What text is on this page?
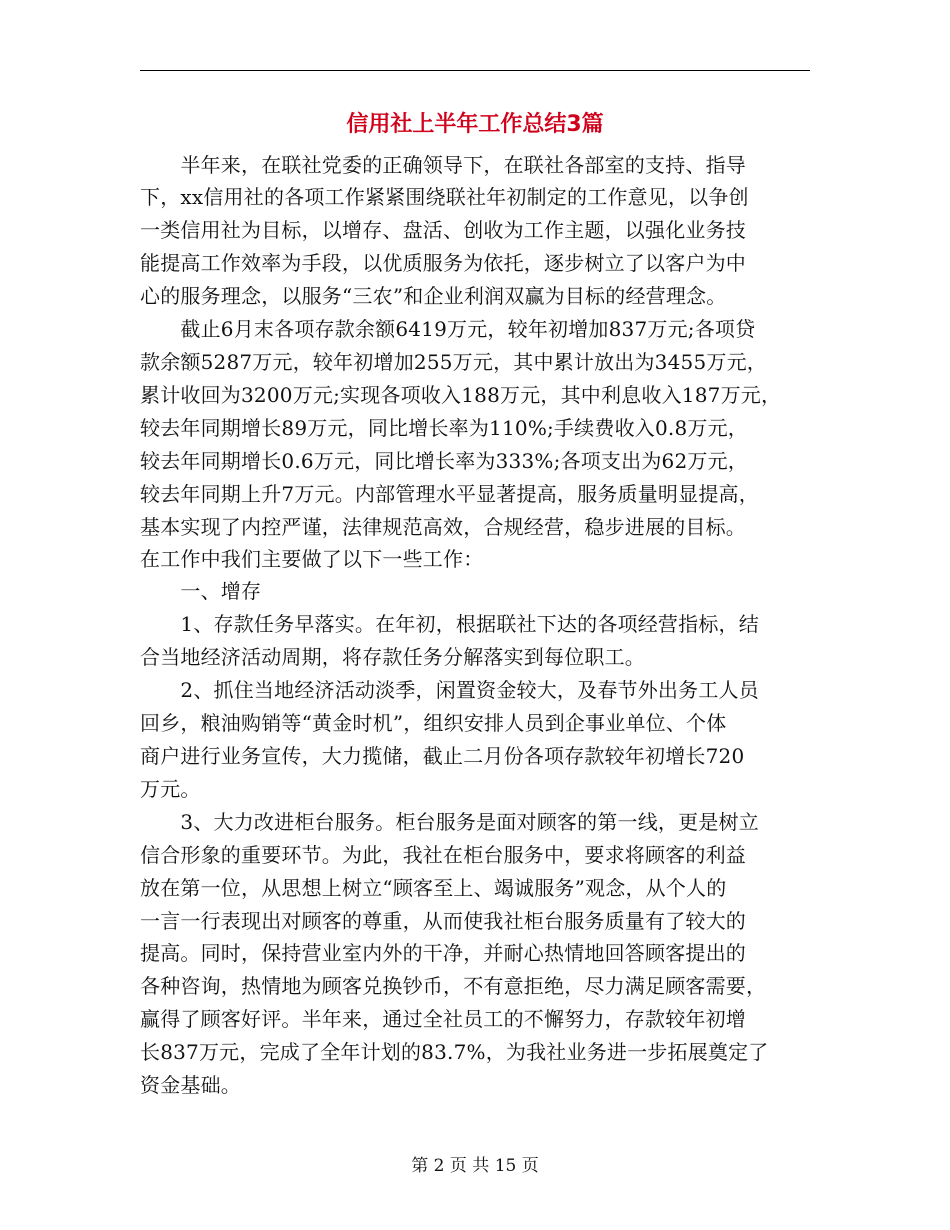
信用社上半年工作总结3篇
　　半年来，在联社党委的正确领导下，在联社各部室的支持、指导
下，xx信用社的各项工作紧紧围绕联社年初制定的工作意见，以争创
一类信用社为目标，以增存、盘活、创收为工作主题，以强化业务技
能提高工作效率为手段，以优质服务为依托，逐步树立了以客户为中
心的服务理念，以服务“三农”和企业利润双赢为目标的经营理念。
　　截止6月末各项存款余额6419万元，较年初增加837万元;各项贷
款余额5287万元，较年初增加255万元，其中累计放出为3455万元，
累计收回为3200万元;实现各项收入188万元，其中利息收入187万元，
较去年同期增长89万元，同比增长率为110%;手续费收入0.8万元，
较去年同期增长0.6万元，同比增长率为333%;各项支出为62万元，
较去年同期上升7万元。内部管理水平显著提高，服务质量明显提高，
基本实现了内控严谨，法律规范高效，合规经营，稳步进展的目标。
在工作中我们主要做了以下一些工作：
　　一、增存
　　1、存款任务早落实。在年初，根据联社下达的各项经营指标，结
合当地经济活动周期，将存款任务分解落实到每位职工。
　　2、抓住当地经济活动淡季，闲置资金较大，及春节外出务工人员
回乡，粮油购销等“黄金时机”，组织安排人员到企事业单位、个体
商户进行业务宣传，大力揽储，截止二月份各项存款较年初增长720
万元。
　　3、大力改进柜台服务。柜台服务是面对顾客的第一线，更是树立
信合形象的重要环节。为此，我社在柜台服务中，要求将顾客的利益
放在第一位，从思想上树立“顾客至上、竭诚服务”观念，从个人的
一言一行表现出对顾客的尊重，从而使我社柜台服务质量有了较大的
提高。同时，保持营业室内外的干净，并耐心热情地回答顾客提出的
各种咨询，热情地为顾客兑换钞币，不有意拒绝，尽力满足顾客需要，
赢得了顾客好评。半年来，通过全社员工的不懈努力，存款较年初增
长837万元，完成了全年计划的83.7%，为我社业务进一步拓展奠定了
资金基础。
第 2 页 共 15 页
